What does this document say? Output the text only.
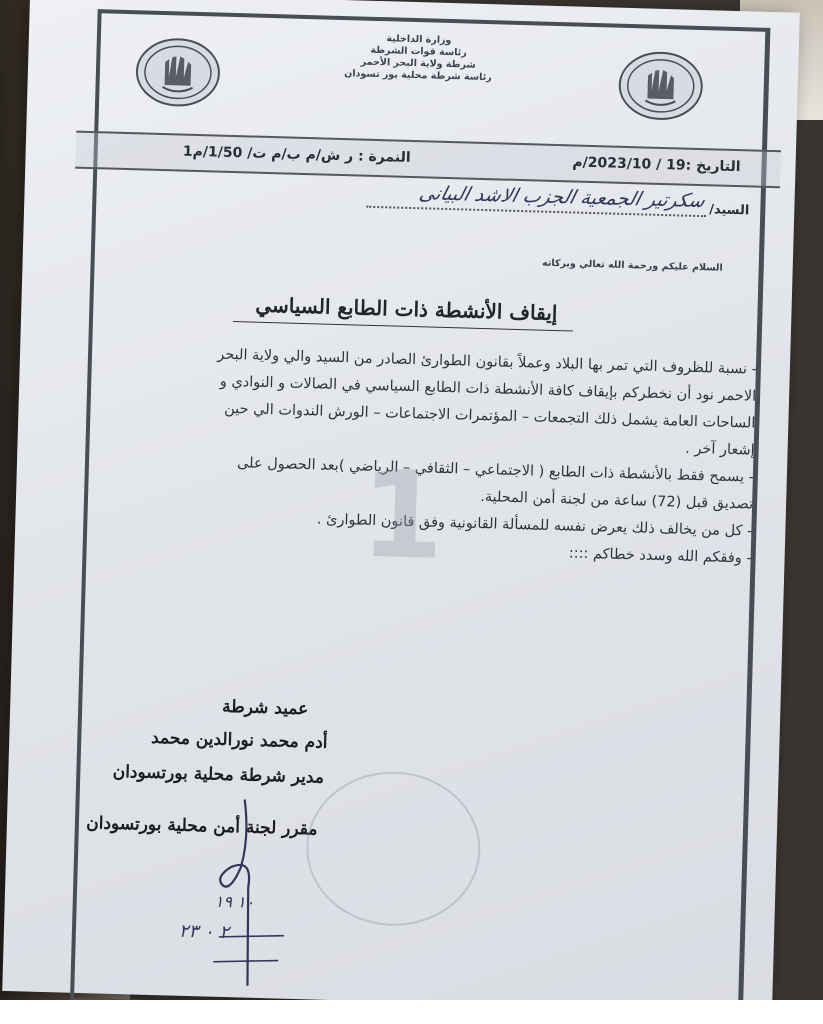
وزارة الداخلية
رئاسة قوات الشرطة
شرطة ولاية البحر الأحمر
رئاسة شرطة محلية بور تسودان
التاريخ :19 / 2023/10/م
النمرة : ر ش/م ب/م ت/ 1/50/م1
السيد/
سكرتير الجمعية الجزب الاشد البيانى
السلام عليكم ورحمة الله تعالي وبركاته
إيقاف الأنشطة ذات الطابع السياسي
- نسبة للظروف التي تمر بها البلاد وعملاً بقانون الطوارئ الصادر من السيد والي ولاية البحر
الاحمر نود أن نخطركم بإيقاف كافة الأنشطة ذات الطابع السياسي في الصالات و النوادي و
الساحات العامة يشمل ذلك التجمعات – المؤتمرات الاجتماعات – الورش الندوات الي حين
إشعار آخر .
- يسمح فقط بالأنشطة ذات الطابع ( الاجتماعي – الثقافي – الرياضي )بعد الحصول على
تصديق قبل (72) ساعة من لجنة أمن المحلية.
- كل من يخالف ذلك يعرض نفسه للمسألة القانونية وفق قانون الطوارئ .
- وفقكم الله وسدد خطاكم ::::
1
عميد شرطة
أدم محمد نورالدين محمد
مدير شرطة محلية بورتسودان
مقرر لجنة أمن محلية بورتسودان
١٠ ١٩
٢ ٠ ٢٣
